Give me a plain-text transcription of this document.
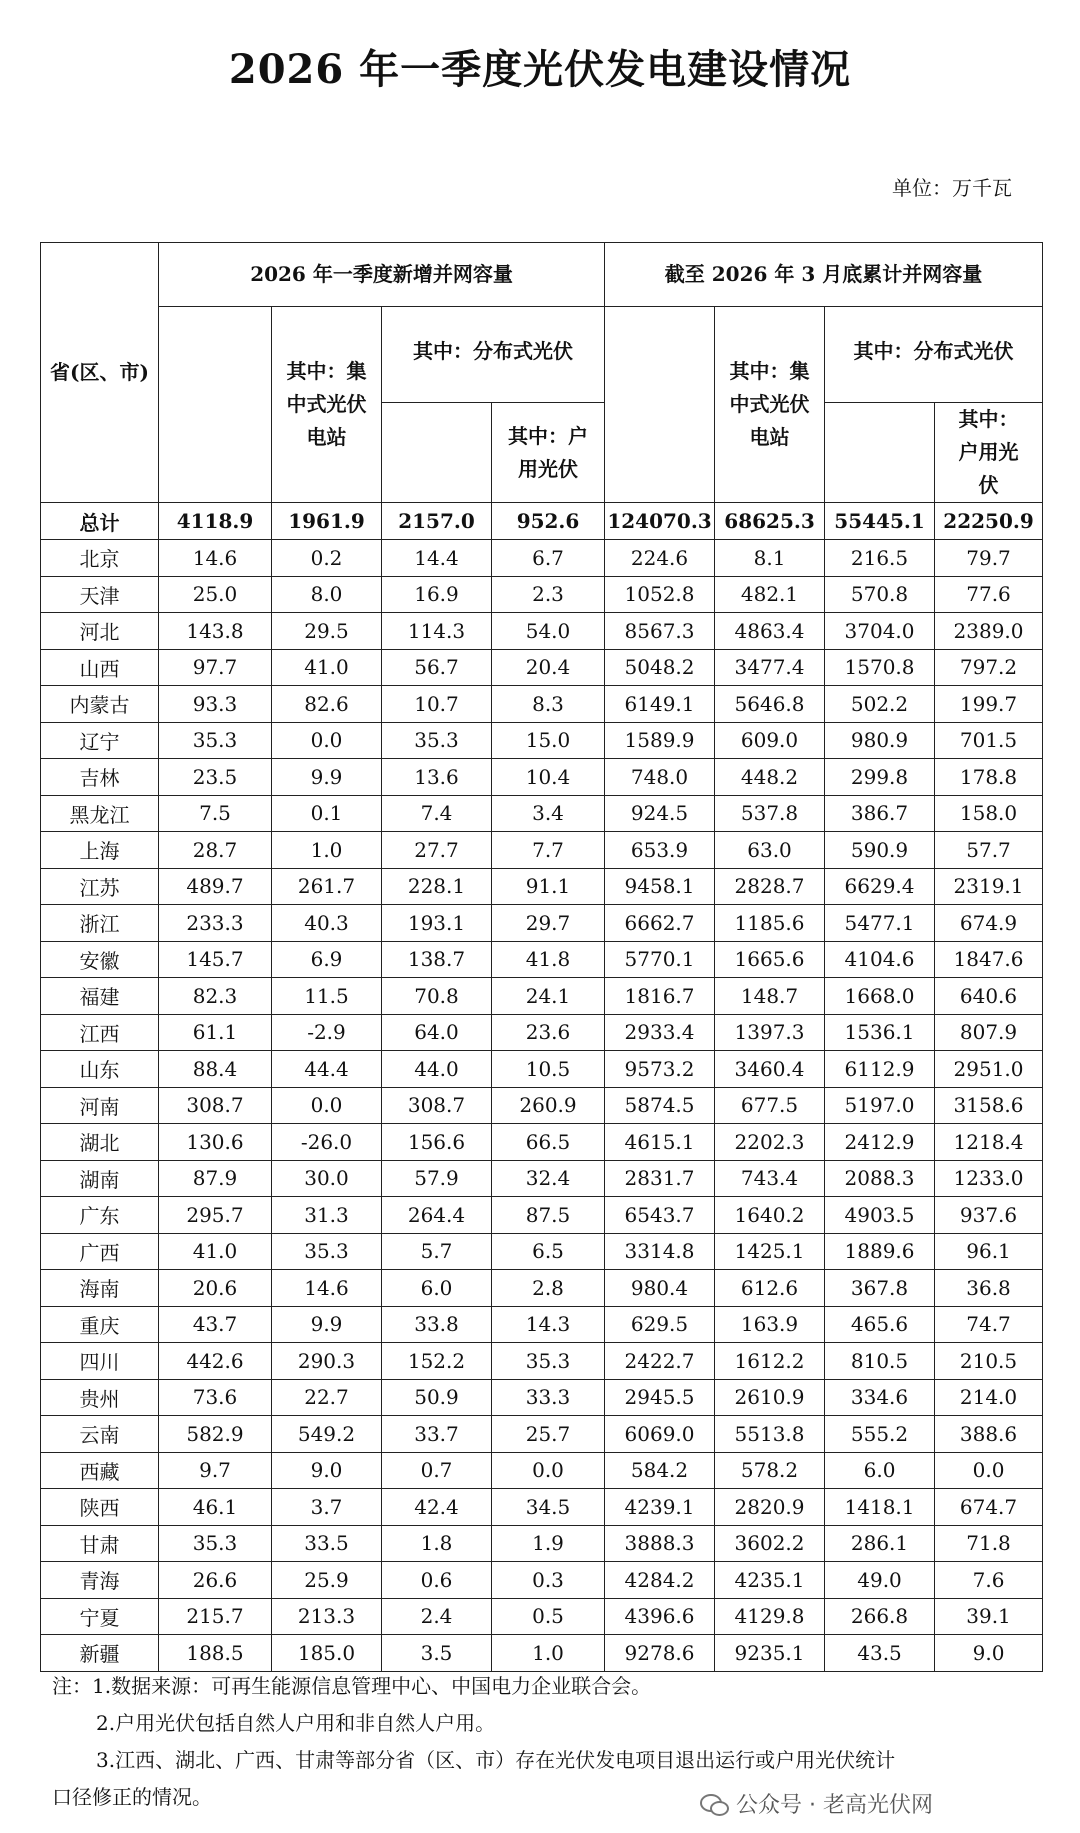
2026 年一季度光伏发电建设情况
单位：万千瓦
省(区、市)	2026 年一季度新增并网容量				截至 2026 年 3 月底累计并网容量			
		其中：集中式光伏电站	其中：分布式光伏			其中：集中式光伏电站	其中：分布式光伏	
				其中：户用光伏				其中：户用光伏

总计	4118.9	1961.9	2157.0	952.6	124070.3	68625.3	55445.1	22250.9
北京	14.6	0.2	14.4	6.7	224.6	8.1	216.5	79.7
天津	25.0	8.0	16.9	2.3	1052.8	482.1	570.8	77.6
河北	143.8	29.5	114.3	54.0	8567.3	4863.4	3704.0	2389.0
山西	97.7	41.0	56.7	20.4	5048.2	3477.4	1570.8	797.2
内蒙古	93.3	82.6	10.7	8.3	6149.1	5646.8	502.2	199.7
辽宁	35.3	0.0	35.3	15.0	1589.9	609.0	980.9	701.5
吉林	23.5	9.9	13.6	10.4	748.0	448.2	299.8	178.8
黑龙江	7.5	0.1	7.4	3.4	924.5	537.8	386.7	158.0
上海	28.7	1.0	27.7	7.7	653.9	63.0	590.9	57.7
江苏	489.7	261.7	228.1	91.1	9458.1	2828.7	6629.4	2319.1
浙江	233.3	40.3	193.1	29.7	6662.7	1185.6	5477.1	674.9
安徽	145.7	6.9	138.7	41.8	5770.1	1665.6	4104.6	1847.6
福建	82.3	11.5	70.8	24.1	1816.7	148.7	1668.0	640.6
江西	61.1	-2.9	64.0	23.6	2933.4	1397.3	1536.1	807.9
山东	88.4	44.4	44.0	10.5	9573.2	3460.4	6112.9	2951.0
河南	308.7	0.0	308.7	260.9	5874.5	677.5	5197.0	3158.6
湖北	130.6	-26.0	156.6	66.5	4615.1	2202.3	2412.9	1218.4
湖南	87.9	30.0	57.9	32.4	2831.7	743.4	2088.3	1233.0
广东	295.7	31.3	264.4	87.5	6543.7	1640.2	4903.5	937.6
广西	41.0	35.3	5.7	6.5	3314.8	1425.1	1889.6	96.1
海南	20.6	14.6	6.0	2.8	980.4	612.6	367.8	36.8
重庆	43.7	9.9	33.8	14.3	629.5	163.9	465.6	74.7
四川	442.6	290.3	152.2	35.3	2422.7	1612.2	810.5	210.5
贵州	73.6	22.7	50.9	33.3	2945.5	2610.9	334.6	214.0
云南	582.9	549.2	33.7	25.7	6069.0	5513.8	555.2	388.6
西藏	9.7	9.0	0.7	0.0	584.2	578.2	6.0	0.0
陕西	46.1	3.7	42.4	34.5	4239.1	2820.9	1418.1	674.7
甘肃	35.3	33.5	1.8	1.9	3888.3	3602.2	286.1	71.8
青海	26.6	25.9	0.6	0.3	4284.2	4235.1	49.0	7.6
宁夏	215.7	213.3	2.4	0.5	4396.6	4129.8	266.8	39.1
新疆	188.5	185.0	3.5	1.0	9278.6	9235.1	43.5	9.0
注：1.数据来源：可再生能源信息管理中心、中国电力企业联合会。
2.户用光伏包括自然人户用和非自然人户用。
3.江西、湖北、广西、甘肃等部分省（区、市）存在光伏发电项目退出运行或户用光伏统计
口径修正的情况。	公众号 · 老高光伏网
